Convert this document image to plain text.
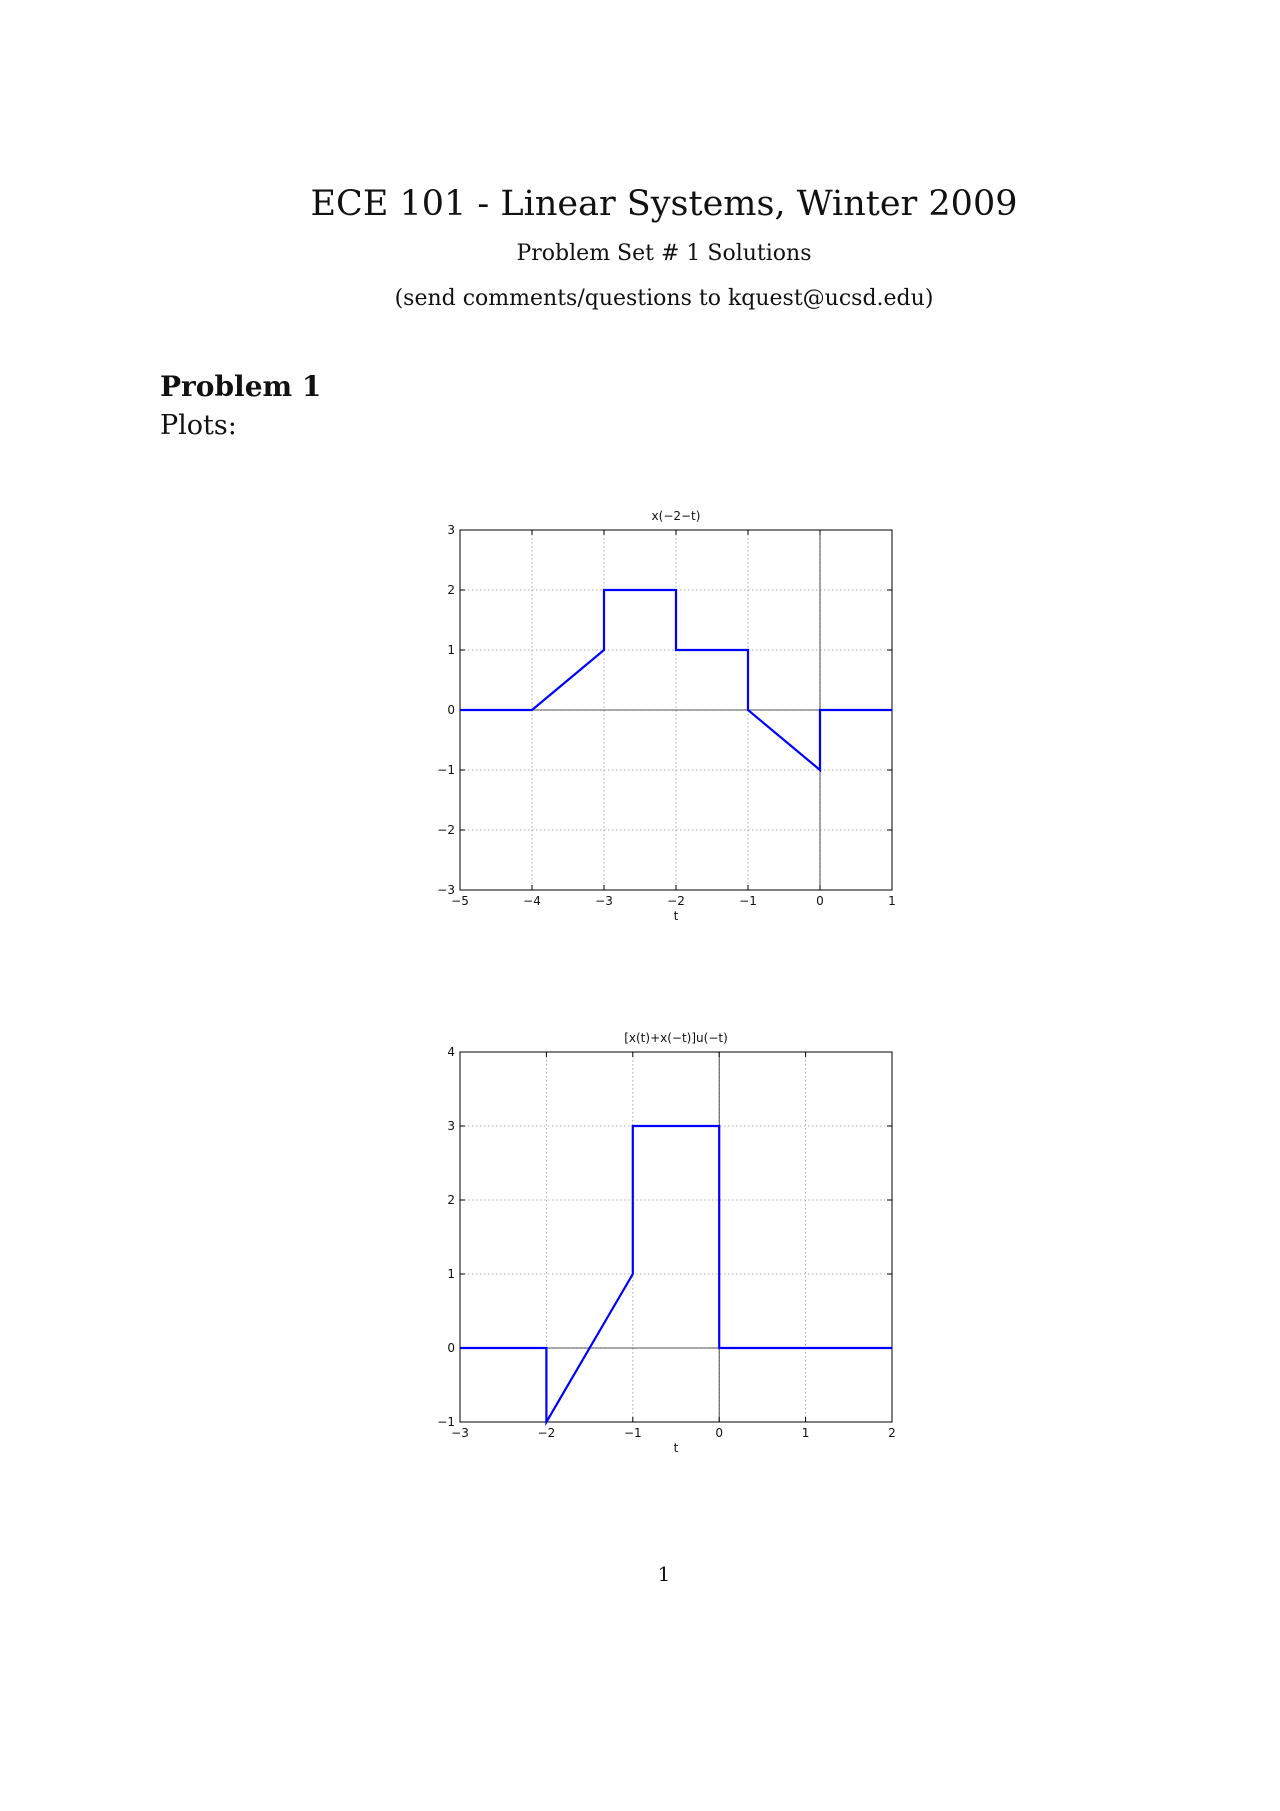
ECE 101 - Linear Systems, Winter 2009
Problem Set # 1 Solutions
(send comments/questions to kquest@ucsd.edu)
Problem 1
Plots:
−5	−4	−3	−2	−1	0	1
−3
−2
−1
0
1
2
3
x(−2−t)
t
−3	−2	−1	0	1	2
−1
0
1
2
3
4
[x(t)+x(−t)]u(−t)
t
1
